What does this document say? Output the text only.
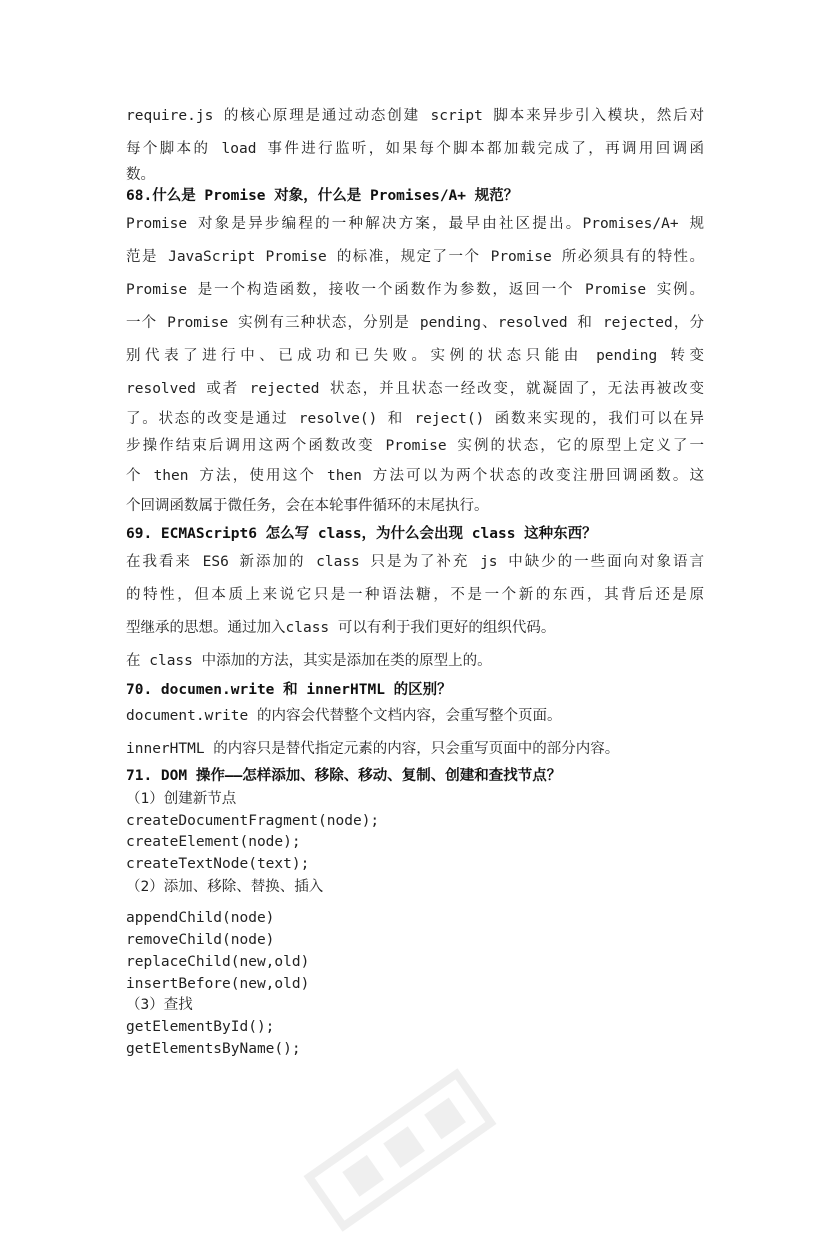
require.js 的核心原理是通过动态创建 script 脚本来异步引入模块，然后对
每个脚本的 load 事件进行监听，如果每个脚本都加载完成了，再调用回调函
数。
68.什么是 Promise 对象，什么是 Promises/A+ 规范？
Promise 对象是异步编程的一种解决方案，最早由社区提出。Promises/A+ 规
范是 JavaScript Promise 的标准，规定了一个 Promise 所必须具有的特性。
Promise 是一个构造函数，接收一个函数作为参数，返回一个 Promise 实例。
一个 Promise 实例有三种状态，分别是 pending、resolved 和 rejected，分
别代表了进行中、已成功和已失败。实例的状态只能由 pending 转变
resolved 或者 rejected 状态，并且状态一经改变，就凝固了，无法再被改变
了。状态的改变是通过 resolve() 和 reject() 函数来实现的，我们可以在异
步操作结束后调用这两个函数改变 Promise 实例的状态，它的原型上定义了一
个 then 方法，使用这个 then 方法可以为两个状态的改变注册回调函数。这
个回调函数属于微任务，会在本轮事件循环的末尾执行。
69. ECMAScript6 怎么写 class，为什么会出现 class 这种东西？
在我看来 ES6 新添加的 class 只是为了补充 js 中缺少的一些面向对象语言
的特性，但本质上来说它只是一种语法糖，不是一个新的东西，其背后还是原
型继承的思想。通过加入class 可以有利于我们更好的组织代码。
在 class 中添加的方法，其实是添加在类的原型上的。
70. documen.write 和 innerHTML 的区别？
document.write 的内容会代替整个文档内容，会重写整个页面。
innerHTML 的内容只是替代指定元素的内容，只会重写页面中的部分内容。
71. DOM 操作——怎样添加、移除、移动、复制、创建和查找节点？
（1）创建新节点
createDocumentFragment(node);
createElement(node);
createTextNode(text);
（2）添加、移除、替换、插入
appendChild(node)
removeChild(node)
replaceChild(new,old)
insertBefore(new,old)
（3）查找
getElementById();
getElementsByName();
